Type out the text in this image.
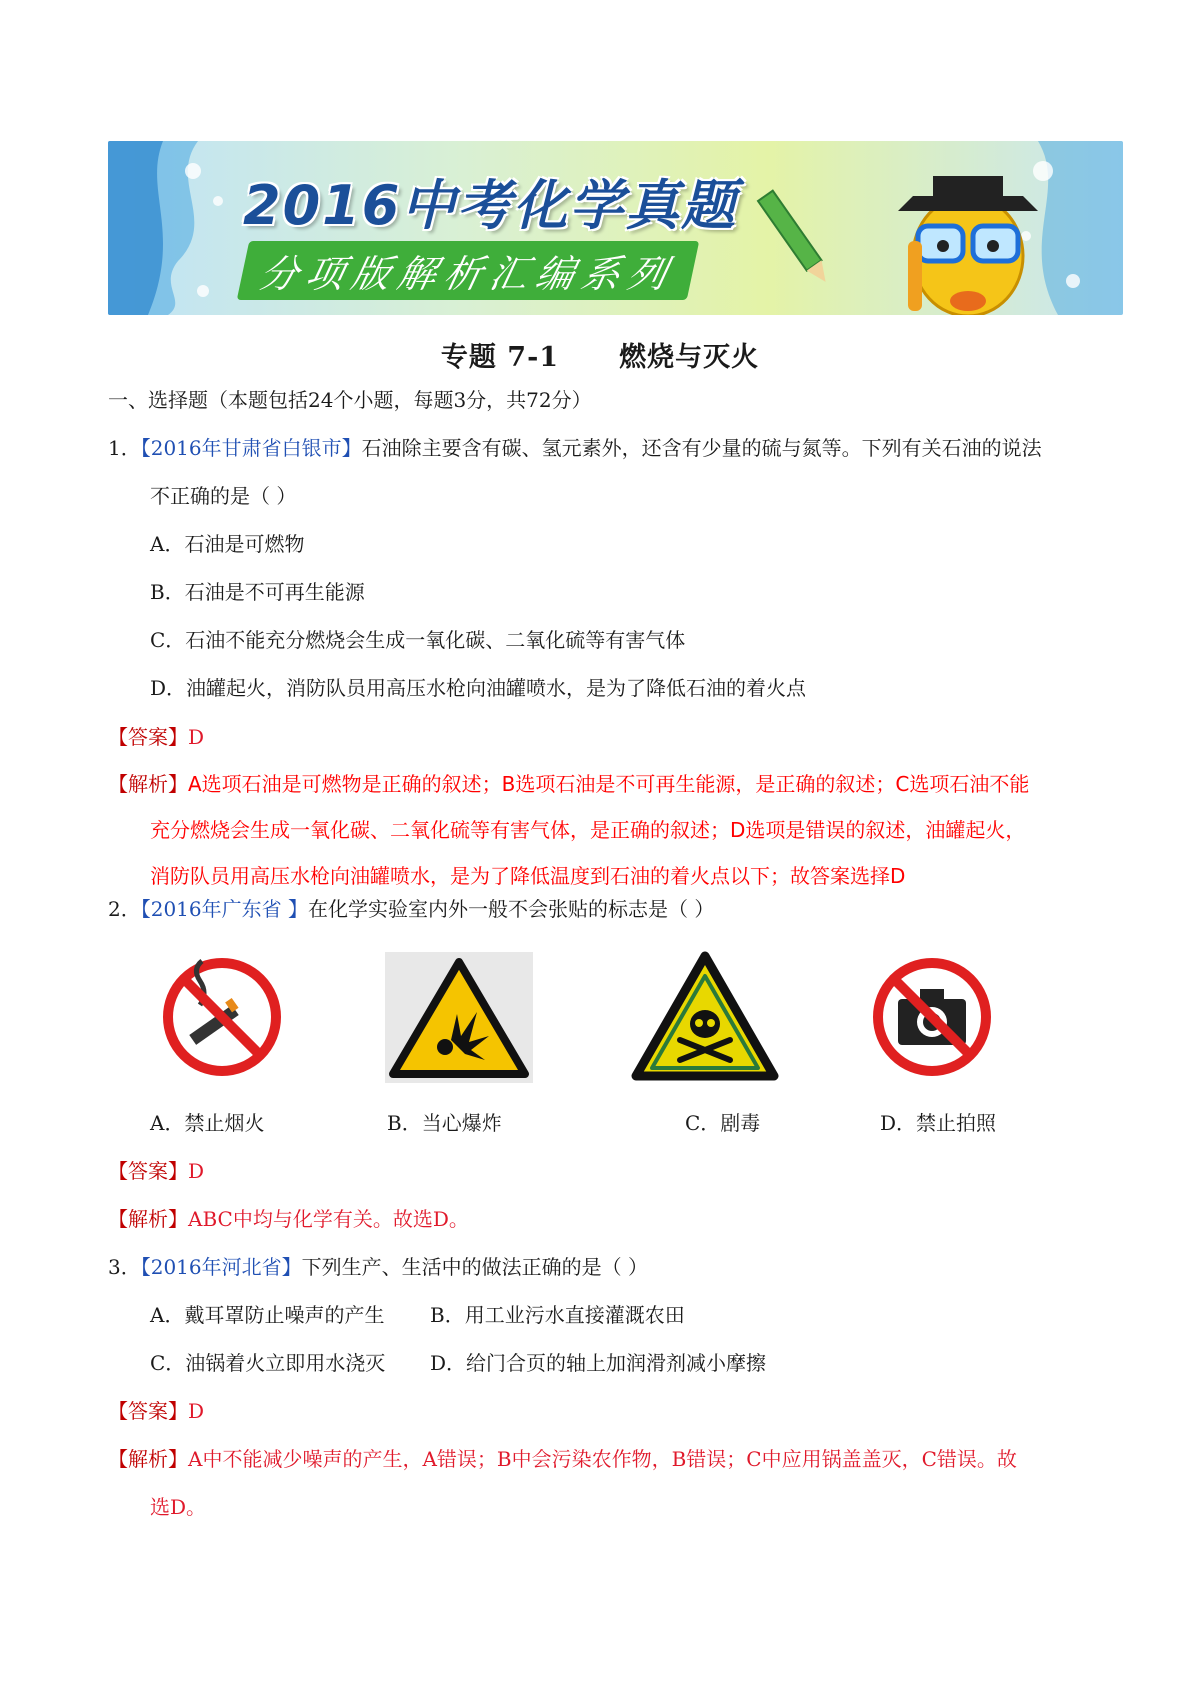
2016中考化学真题
分项版解析汇编系列
专题 7-1 燃烧与灭火
一、选择题（本题包括24个小题，每题3分，共72分）
1．【2016年甘肃省白银市】石油除主要含有碳、氢元素外，还含有少量的硫与氮等。下列有关石油的说法
不正确的是（ ）
A．石油是可燃物
B．石油是不可再生能源
C．石油不能充分燃烧会生成一氧化碳、二氧化硫等有害气体
D．油罐起火，消防队员用高压水枪向油罐喷水，是为了降低石油的着火点
【答案】D
【解析】A选项石油是可燃物是正确的叙述；B选项石油是不可再生能源，是正确的叙述；C选项石油不能
充分燃烧会生成一氧化碳、二氧化硫等有害气体，是正确的叙述；D选项是错误的叙述，油罐起火，
消防队员用高压水枪向油罐喷水，是为了降低温度到石油的着火点以下；故答案选择D
2．【2016年广东省 】在化学实验室内外一般不会张贴的标志是（ ）
A．禁止烟火	B．当心爆炸	C．剧毒	D．禁止拍照
【答案】D
【解析】ABC中均与化学有关。故选D。
3．【2016年河北省】下列生产、生活中的做法正确的是（ ）
A．戴耳罩防止噪声的产生 B．用工业污水直接灌溉农田
C．油锅着火立即用水浇灭 D．给门合页的轴上加润滑剂减小摩擦
【答案】D
【解析】A中不能减少噪声的产生，A错误；B中会污染农作物，B错误；C中应用锅盖盖灭，C错误。故
选D。
